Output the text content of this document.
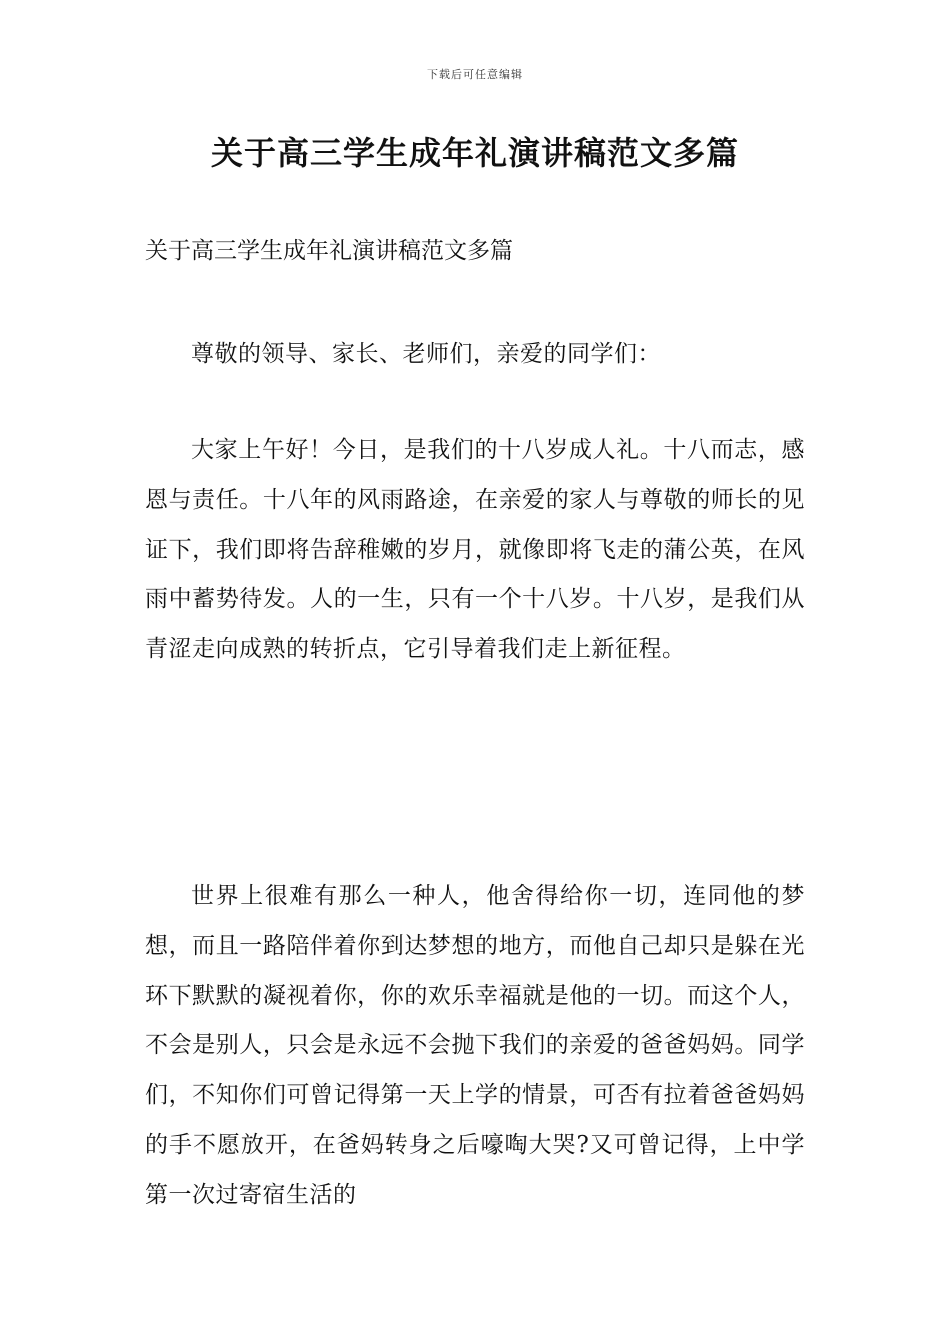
下载后可任意编辑
关于高三学生成年礼演讲稿范文多篇

关于高三学生成年礼演讲稿范文多篇

尊敬的领导、家长、老师们，亲爱的同学们：

大家上午好！今日，是我们的十八岁成人礼。十八而志，感恩与责任。十八年的风雨路途，在亲爱的家人与尊敬的师长的见证下，我们即将告辞稚嫩的岁月，就像即将飞走的蒲公英，在风雨中蓄势待发。人的一生，只有一个十八岁。十八岁，是我们从青涩走向成熟的转折点，它引导着我们走上新征程。

世界上很难有那么一种人，他舍得给你一切，连同他的梦想，而且一路陪伴着你到达梦想的地方，而他自己却只是躲在光环下默默的凝视着你，你的欢乐幸福就是他的一切。而这个人，不会是别人，只会是永远不会抛下我们的亲爱的爸爸妈妈。同学们，不知你们可曾记得第一天上学的情景，可否有拉着爸爸妈妈的手不愿放开，在爸妈转身之后嚎啕大哭?又可曾记得，上中学第一次过寄宿生活的
